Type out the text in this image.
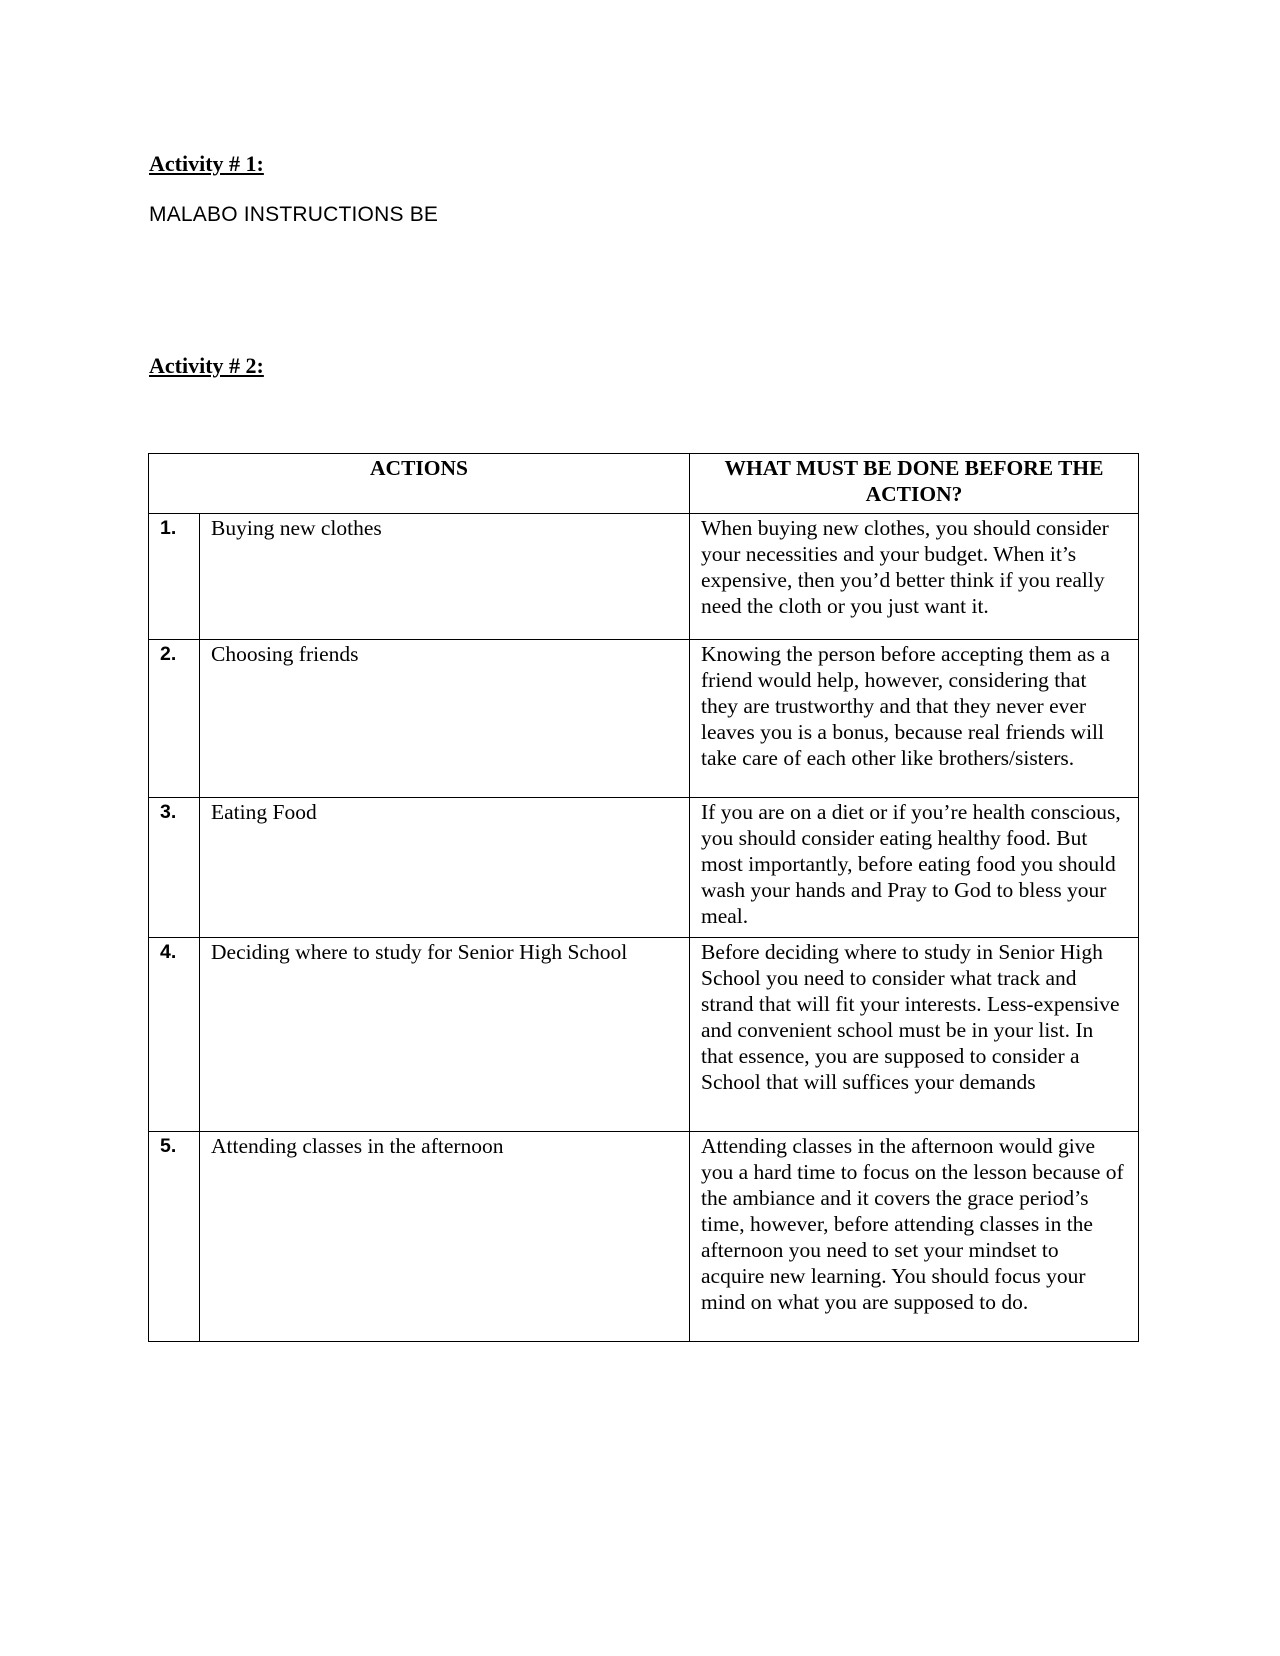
Activity # 1:
MALABO INSTRUCTIONS BE
Activity # 2:
ACTIONS		WHAT MUST BE DONE BEFORE THE ACTION?
1.	Buying new clothes	When buying new clothes, you should consider your necessities and your budget. When it’s expensive, then you’d better think if you really need the cloth or you just want it.
2.	Choosing friends	Knowing the person before accepting them as a friend would help, however, considering that they are trustworthy and that they never ever leaves you is a bonus, because real friends will take care of each other like brothers/sisters.
3.	Eating Food	If you are on a diet or if you’re health conscious, you should consider eating healthy food. But most importantly, before eating food you should wash your hands and Pray to God to bless your meal.
4.	Deciding where to study for Senior High School	Before deciding where to study in Senior High School you need to consider what track and strand that will fit your interests. Less-expensive and convenient school must be in your list. In that essence, you are supposed to consider a School that will suffices your demands
5.	Attending classes in the afternoon	Attending classes in the afternoon would give you a hard time to focus on the lesson because of the ambiance and it covers the grace period’s time, however, before attending classes in the afternoon you need to set your mindset to acquire new learning. You should focus your mind on what you are supposed to do.
